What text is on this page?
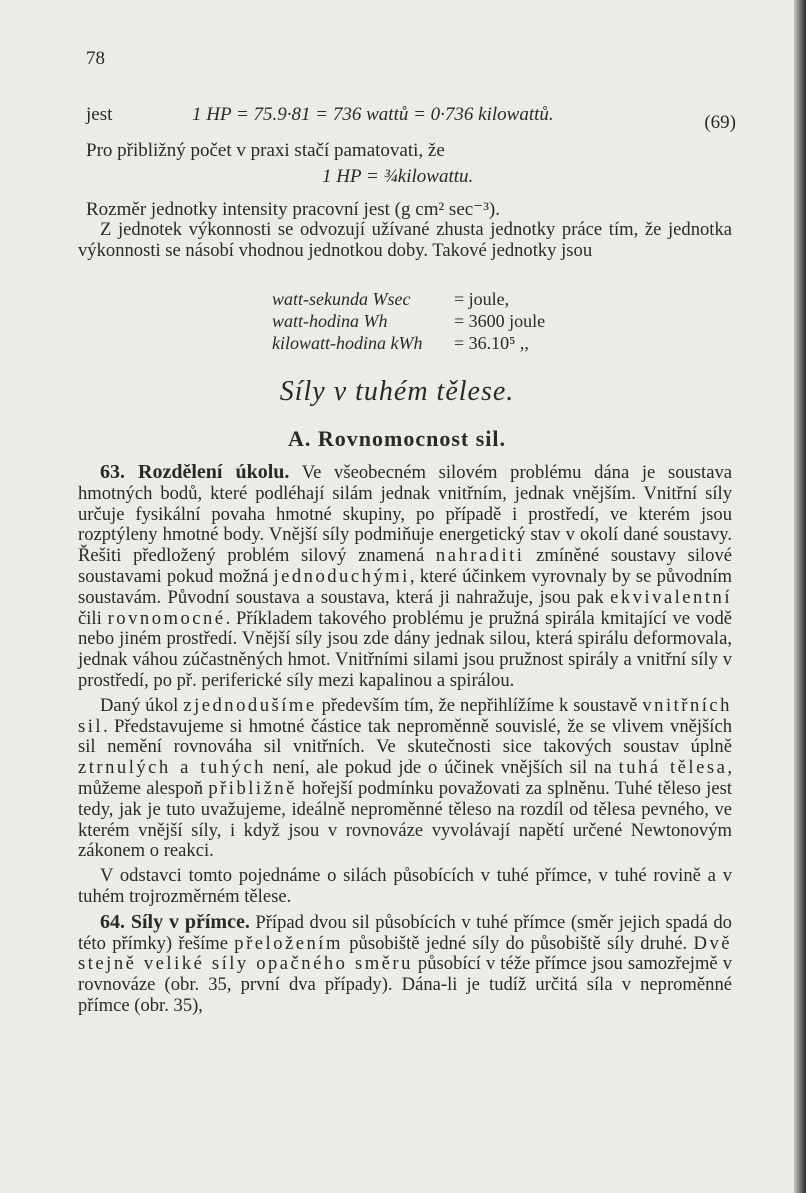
78
jest	1 HP = 75.9·81 = 736 wattů = 0·736 kilowattů.	(69)
Pro přibližný počet v praxi stačí pamatovati, že
1 HP = ¾kilowattu.
Rozměr jednotky intensity pracovní jest (g cm² sec⁻³).

Z jednotek výkonnosti se odvozují užívané zhusta jednotky práce tím, že jednotka výkonnosti se násobí vhodnou jednotkou doby. Takové jednotky jsou

watt-sekunda Wsec = joule,
watt-hodina Wh	= 3600 joule
kilowatt-hodina kWh = 36.10⁵ ,,
Síly v tuhém tělese.
A. Rovnomocnost sil.

63. Rozdělení úkolu. Ve všeobecném silovém problému dána je soustava hmotných bodů, které podléhají silám jednak vnitřním, jednak vnějším. Vnitřní síly určuje fysikální povaha hmotné skupiny, po případě i prostředí, ve kterém jsou rozptýleny hmotné body. Vnější síly podmiňuje energetický stav v okolí dané soustavy. Řešiti předložený problém silový znamená nahraditi zmíněné soustavy silové soustavami pokud možná jednoduchými, které účinkem vyrovnaly by se původním soustavám. Původní soustava a soustava, která ji nahražuje, jsou pak ekvivalentní čili rovnomocné. Příkladem takového problému je pružná spirála kmitající ve vodě nebo jiném prostředí. Vnější síly jsou zde dány jednak silou, která spirálu deformovala, jednak váhou zúčastněných hmot. Vnitřními silami jsou pružnost spirály a vnitřní síly v prostředí, po př. periferické síly mezi kapalinou a spirálou.

Daný úkol zjednodušíme především tím, že nepřihlížíme k soustavě vnitřních sil. Představujeme si hmotné částice tak neproměnně souvislé, že se vlivem vnějších sil nemění rovnováha sil vnitřních. Ve skutečnosti sice takových soustav úplně ztrnulých a tuhých není, ale pokud jde o účinek vnějších sil na tuhá tělesa, můžeme alespoň přibližně hořejší podmínku považovati za splněnu. Tuhé těleso jest tedy, jak je tuto uvažujeme, ideálně neproměnné těleso na rozdíl od tělesa pevného, ve kterém vnější síly, i když jsou v rovnováze vyvolávají napětí určené Newtonovým zákonem o reakci.

V odstavci tomto pojednáme o silách působících v tuhé přímce, v tuhé rovině a v tuhém trojrozměrném tělese.

64. Síly v přímce. Případ dvou sil působících v tuhé přímce (směr jejich spadá do této přímky) řešíme přeložením působiště jedné síly do působiště síly druhé. Dvě stejně veliké síly opačného směru působící v téže přímce jsou samozřejmě v rovnováze (obr. 35, první dva případy). Dána-li je tudíž určitá síla v neproměnné přímce (obr. 35),
